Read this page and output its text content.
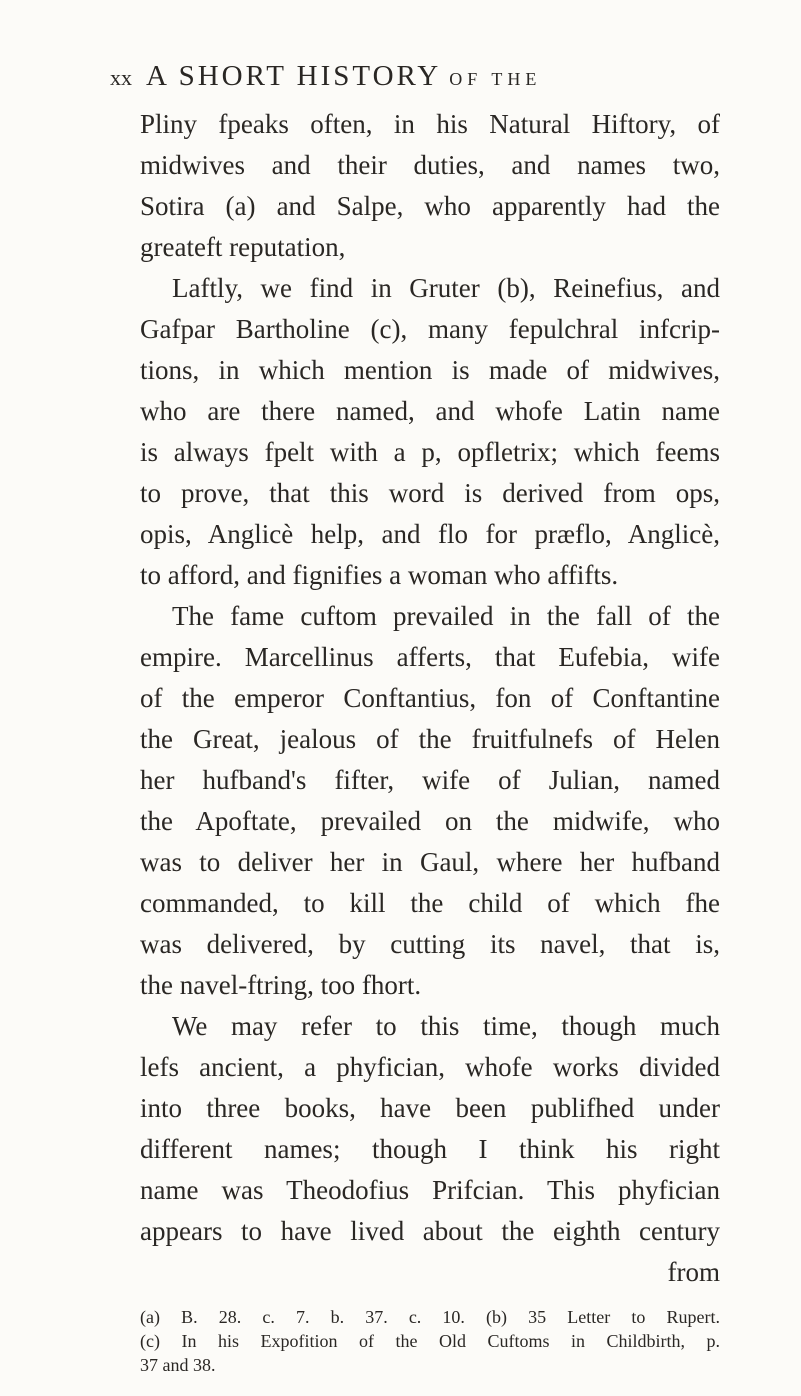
xx A SHORT HISTORY OF THE
Pliny fpeaks often, in his Natural Hiftory, of
midwives and their duties, and names two,
Sotira (a) and Salpe, who apparently had the
greateft reputation,
Laftly, we find in Gruter (b), Reinefius, and
Gafpar Bartholine (c), many fepulchral infcrip-
tions, in which mention is made of midwives,
who are there named, and whofe Latin name
is always fpelt with a p, opfletrix; which feems
to prove, that this word is derived from ops,
opis, Anglicè help, and flo for præflo, Anglicè,
to afford, and fignifies a woman who affifts.
The fame cuftom prevailed in the fall of the
empire. Marcellinus afferts, that Eufebia, wife
of the emperor Conftantius, fon of Conftantine
the Great, jealous of the fruitfulnefs of Helen
her hufband's fifter, wife of Julian, named
the Apoftate, prevailed on the midwife, who
was to deliver her in Gaul, where her hufband
commanded, to kill the child of which fhe
was delivered, by cutting its navel, that is,
the navel-ftring, too fhort.
We may refer to this time, though much
lefs ancient, a phyfician, whofe works divided
into three books, have been publifhed under
different names; though I think his right
name was Theodofius Prifcian. This phyfician
appears to have lived about the eighth century
from
(a) B. 28. c. 7. b. 37. c. 10. (b) 35 Letter to Rupert.
(c) In his Expofition of the Old Cuftoms in Childbirth, p.
37 and 38.
